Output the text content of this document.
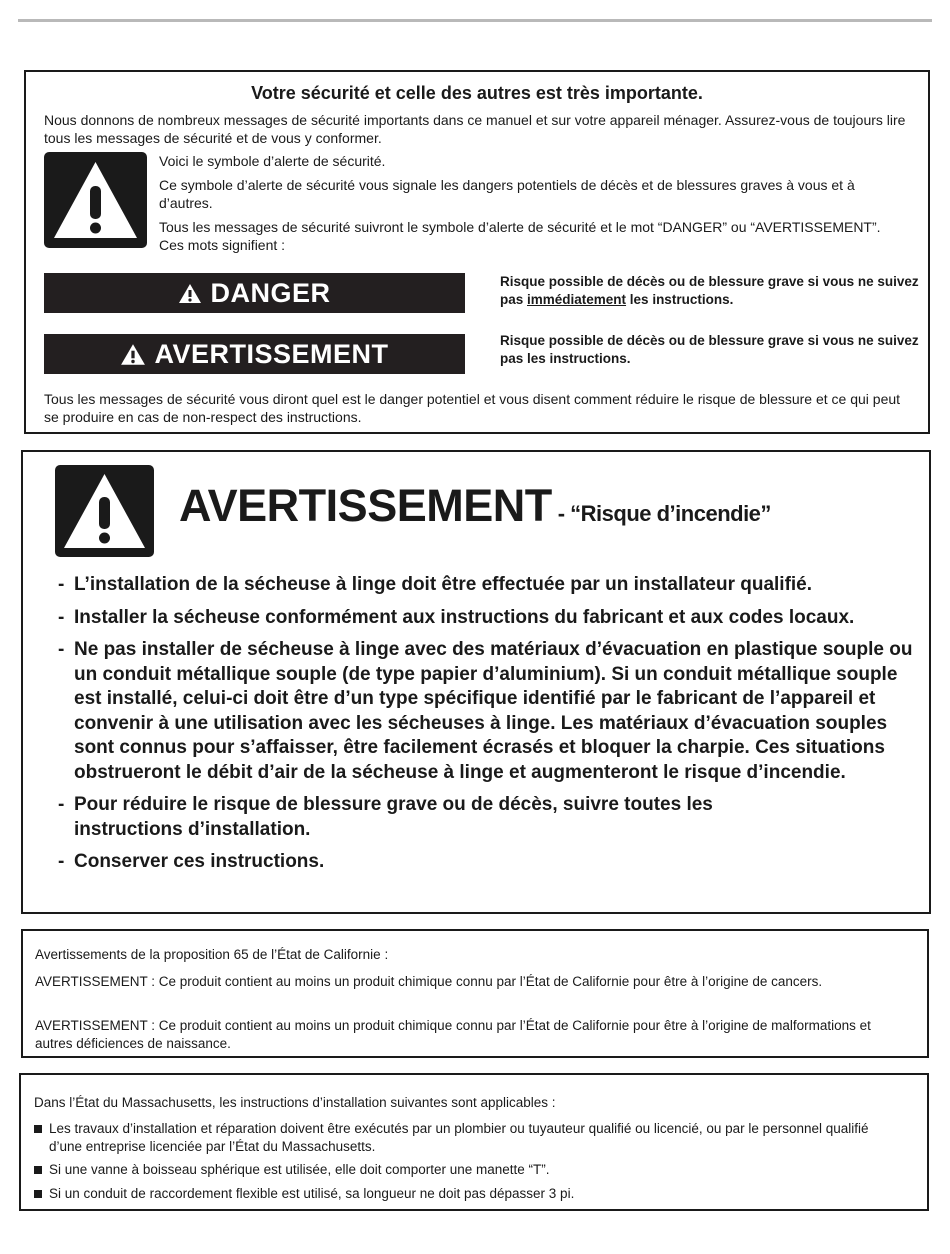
Votre sécurité et celle des autres est très importante.
Nous donnons de nombreux messages de sécurité importants dans ce manuel et sur votre appareil ménager. Assurez-vous de toujours lire tous les messages de sécurité et de vous y conformer.

Voici le symbole d’alerte de sécurité.

Ce symbole d’alerte de sécurité vous signale les dangers potentiels de décès et de blessures graves à vous et à d’autres.

Tous les messages de sécurité suivront le symbole d’alerte de sécurité et le mot “DANGER” ou “AVERTISSEMENT”. Ces mots signifient :

DANGER	Risque possible de décès ou de blessure grave si vous ne suivez pas immédiatement les instructions.
AVERTISSEMENT	Risque possible de décès ou de blessure grave si vous ne suivez pas les instructions.
Tous les messages de sécurité vous diront quel est le danger potentiel et vous disent comment réduire le risque de blessure et ce qui peut se produire en cas de non-respect des instructions.
AVERTISSEMENT - “Risque d’incendie”
- L’installation de la sécheuse à linge doit être effectuée par un installateur qualifié.
- Installer la sécheuse conformément aux instructions du fabricant et aux codes locaux.
- Ne pas installer de sécheuse à linge avec des matériaux d’évacuation en plastique souple ou un conduit métallique souple (de type papier d’aluminium). Si un conduit métallique souple est installé, celui-ci doit être d’un type spécifique identifié par le fabricant de l’appareil et convenir à une utilisation avec les sécheuses à linge. Les matériaux d’évacuation souples sont connus pour s’affaisser, être facilement écrasés et bloquer la charpie. Ces situations obstrueront le débit d’air de la sécheuse à linge et augmenteront le risque d’incendie.
- Pour réduire le risque de blessure grave ou de décès, suivre toutes les instructions d’installation.
- Conserver ces instructions.
Avertissements de la proposition 65 de l’État de Californie :
AVERTISSEMENT : Ce produit contient au moins un produit chimique connu par l’État de Californie pour être à l’origine de cancers.
AVERTISSEMENT : Ce produit contient au moins un produit chimique connu par l’État de Californie pour être à l’origine de malformations et autres déficiences de naissance.
Dans l’État du Massachusetts, les instructions d’installation suivantes sont applicables :
Les travaux d’installation et réparation doivent être exécutés par un plombier ou tuyauteur qualifié ou licencié, ou par le personnel qualifié d’une entreprise licenciée par l’État du Massachusetts.
Si une vanne à boisseau sphérique est utilisée, elle doit comporter une manette “T”.
Si un conduit de raccordement flexible est utilisé, sa longueur ne doit pas dépasser 3 pi.
